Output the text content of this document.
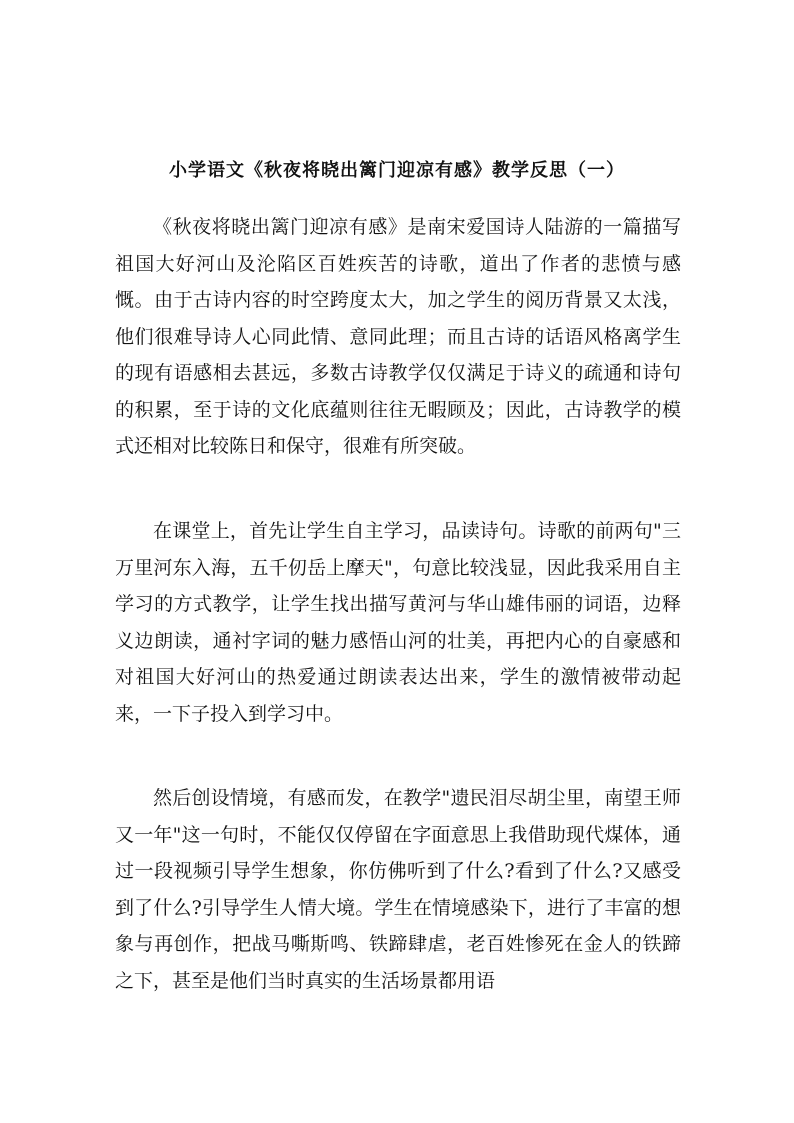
小学语文《秋夜将晓出篱门迎凉有感》教学反思（一）

《秋夜将晓出篱门迎凉有感》是南宋爱国诗人陆游的一篇描写祖国大好河山及沦陷区百姓疾苦的诗歌，道出了作者的悲愤与感慨。由于古诗内容的时空跨度太大，加之学生的阅历背景又太浅，他们很难导诗人心同此情、意同此理；而且古诗的话语风格离学生的现有语感相去甚远，多数古诗教学仅仅满足于诗义的疏通和诗句的积累，至于诗的文化底蕴则往往无暇顾及；因此，古诗教学的模式还相对比较陈日和保守，很难有所突破。

在课堂上，首先让学生自主学习，品读诗句。诗歌的前两句"三万里河东入海，五千仞岳上摩天"，句意比较浅显，因此我采用自主学习的方式教学，让学生找出描写黄河与华山雄伟丽的词语，边释义边朗读，通衬字词的魅力感悟山河的壮美，再把内心的自豪感和对祖国大好河山的热爱通过朗读表达出来，学生的激情被带动起来，一下子投入到学习中。

然后创设情境，有感而发，在教学"遗民泪尽胡尘里，南望王师又一年"这一句时，不能仅仅停留在字面意思上我借助现代煤体，通过一段视频引导学生想象，你仿佛听到了什么?看到了什么?又感受到了什么?引导学生人情大境。学生在情境感染下，进行了丰富的想象与再创作，把战马嘶斯鸣、铁蹄肆虐，老百姓惨死在金人的铁蹄之下，甚至是他们当时真实的生活场景都用语
